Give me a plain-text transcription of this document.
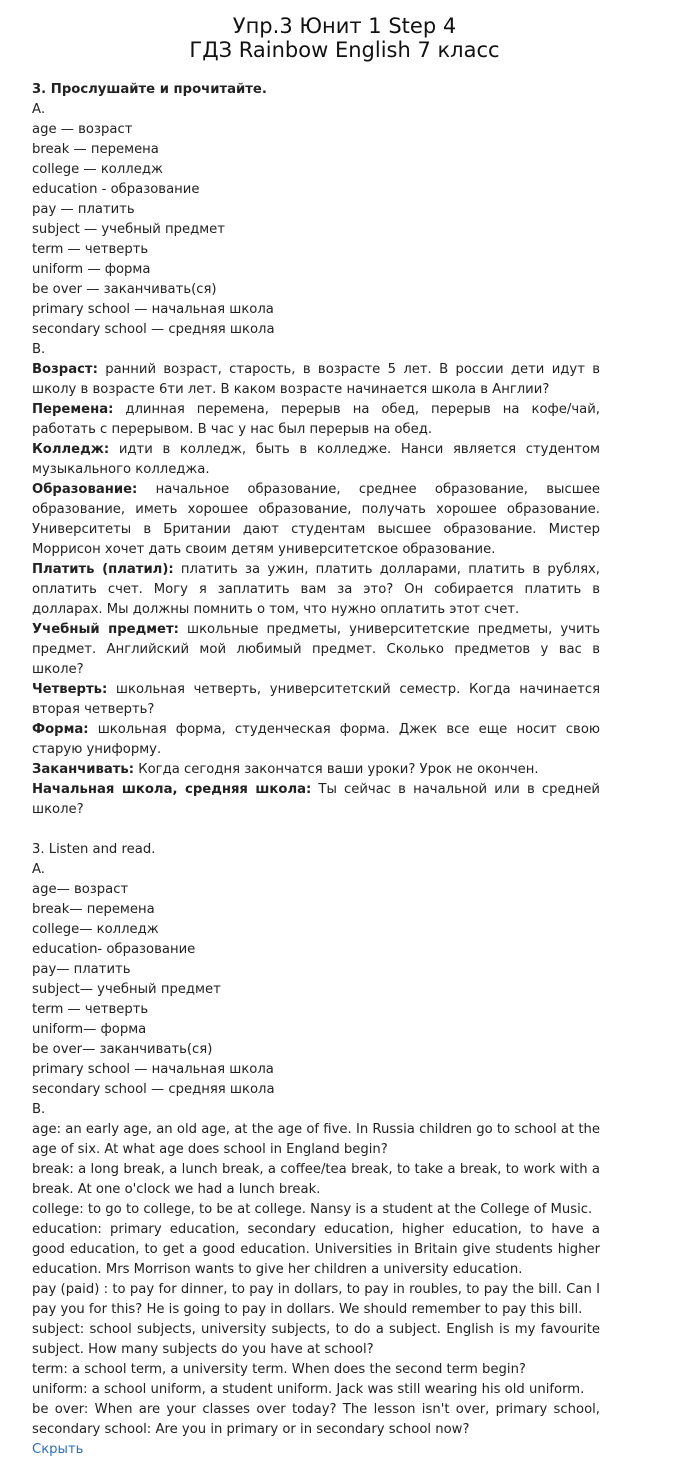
Упр.3 Юнит 1 Step 4
ГДЗ Rainbow English 7 класс
3. Прослушайте и прочитайте.
А.
age — возраст
break — перемена
college — колледж
education - образование
pay — платить
subject — учебный предмет
term — четверть
uniform — форма
be over — заканчивать(ся)
primary school — начальная школа
secondary school — средняя школа
В.
Возраст: ранний возраст, старость, в возрасте 5 лет. В россии дети идут в школу в возрасте 6ти лет. В каком возрасте начинается школа в Англии?
Перемена: длинная перемена, перерыв на обед, перерыв на кофе/чай, работать с перерывом. В час у нас был перерыв на обед.
Колледж: идти в колледж, быть в колледже. Нанси является студентом музыкального колледжа.
Образование: начальное образование, среднее образование, высшее образование, иметь хорошее образование, получать хорошее образование. Университеты в Британии дают студентам высшее образование. Мистер Моррисон хочет дать своим детям университетское образование.
Платить (платил): платить за ужин, платить долларами, платить в рублях, оплатить счет. Могу я заплатить вам за это? Он собирается платить в долларах. Мы должны помнить о том, что нужно оплатить этот счет.
Учебный предмет: школьные предметы, университетские предметы, учить предмет. Английский мой любимый предмет. Сколько предметов у вас в школе?
Четверть: школьная четверть, университетский семестр. Когда начинается вторая четверть?
Форма: школьная форма, студенческая форма. Джек все еще носит свою старую униформу.
Заканчивать: Когда сегодня закончатся ваши уроки? Урок не окончен.
Начальная школа, средняя школа: Ты сейчас в начальной или в средней школе?
3. Listen and read.
A.
age— возраст
break— перемена
college— колледж
education- образование
pay— платить
subject— учебный предмет
term — четверть
uniform— форма
be over— заканчивать(ся)
primary school — начальная школа
secondary school — средняя школа
B.
age: an early age, an old age, at the age of five. In Russia children go to school at the age of six. At what age does school in England begin?
break: a long break, a lunch break, a coffee/tea break, to take a break, to work with a break. At one o'clock we had a lunch break.
college: to go to college, to be at college. Nansy is a student at the College of Music.
education: primary education, secondary education, higher education, to have a good education, to get a good education. Universities in Britain give students higher education. Mrs Morrison wants to give her children a university education.
pay (paid) : to pay for dinner, to pay in dollars, to pay in roubles, to pay the bill. Can I pay you for this? He is going to pay in dollars. We should remember to pay this bill.
subject: school subjects, university subjects, to do a subject. English is my favourite subject. How many subjects do you have at school?
term: a school term, a university term. When does the second term begin?
uniform: a school uniform, a student uniform. Jack was still wearing his old uniform.
be over: When are your classes over today? The lesson isn't over, primary school, secondary school: Are you in primary or in secondary school now?
Скрыть
